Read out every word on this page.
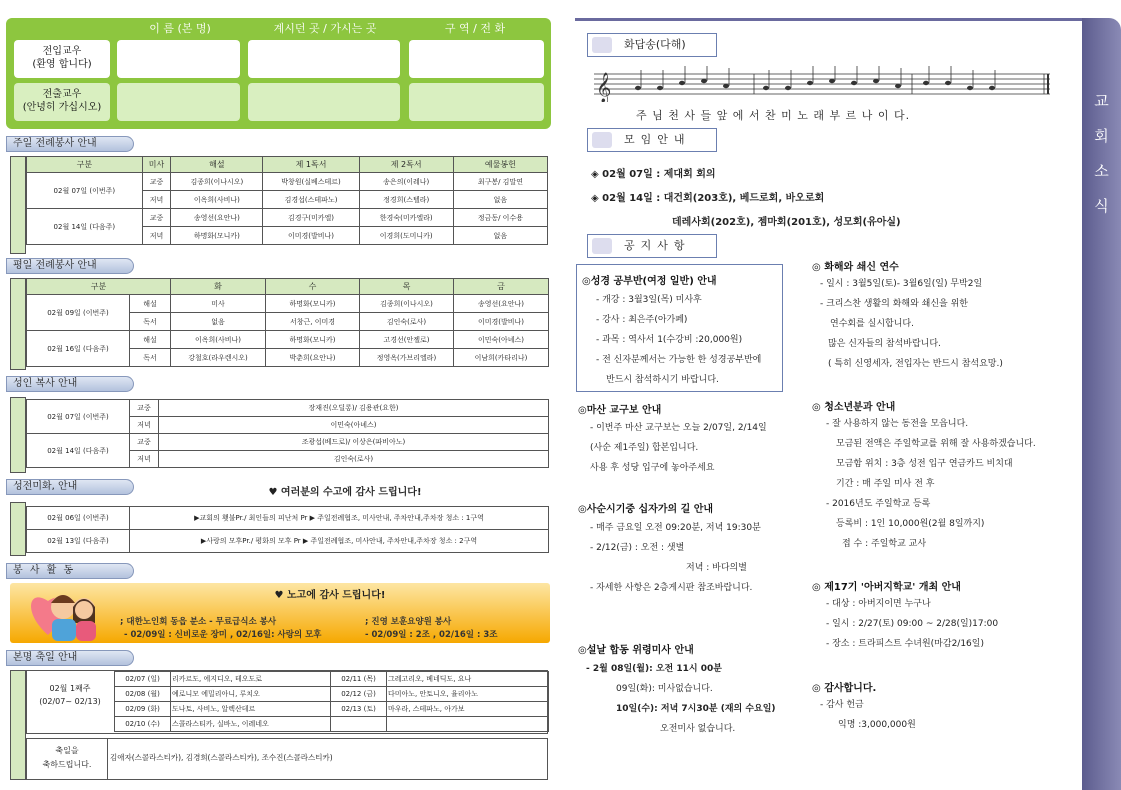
이 름 (본 명)	계시던 곳 / 가시는 곳	구 역 / 전 화
전입교우
(환영 합니다)
전출교우
(안녕히 가십시오)
주일 전례봉사 안내
구분	미사	해설	제 1독서	제 2독서	예물봉헌
02월 07일 (이번주)	교중	김종희(이나시오)	박창원(실베스테르)	송은의(이레나)	최구봉/ 김말연
	저녁	이옥희(사비나)	김경섭(스테파노)	정경희(스텔라)	없음
02월 14일 (다음주)	교중	송영선(요안나)	김경구(미카엘)	한경숙(미카엘라)	정금동/ 이수용
	저녁	하명화(모니카)	이미경(발비나)	이경희(도미니카)	없음
평일 전례봉사 안내
구분		화	수	목	금
02월 09일 (이번주)	해설	미사	하명화(모니카)	김종희(이나시오)	송영선(요안나)
	독서	없음	서창근, 이미경	김인숙(로사)	이미경(발비나)
02월 16일 (다음주)	해설	이옥희(사비나)	하명화(모니카)	고경선(안젤로)	이민숙(아녜스)
	독서	강철호(라우렌시오)	박춘희(요안나)	정영옥(가브리엘라)	이남희(카타리나)
성인 복사 안내
02월 07일 (이번주)	교중	장재진(오딜롱)/ 김용관(요한)
	저녁	이민숙(아녜스)
02월 14일 (다음주)	교중	조광섭(베드로)/ 이상은(파비아노)
	저녁	김인숙(로사)
성전미화, 안내
♥ 여러분의 수고에 감사 드립니다!
02월 06일 (이번주)	▶교회의 횃불Pr./ 최인들의 피난처 Pr ▶ 주일전례협조, 미사안내, 주차안내,주차장 청소 : 1구역
02월 13일 (다음주)	▶사랑의 모후Pr./ 평화의 모후 Pr ▶ 주일전례협조, 미사안내, 주차안내,주차장 청소 : 2구역
봉 사 활 동
♥ 노고에 감사 드립니다!
; 대한노인회 동읍 분소 - 무료급식소 봉사	; 진영 보훈요양원 봉사
- 02/09일 : 신비로운 장미 , 02/16일: 사랑의 모후	- 02/09일 : 2조 , 02/16일 : 3조
본명 축일 안내
02월 1째주
(02/07~ 02/13)
02/07 (일)	리카르도, 에지디오, 테오도로	02/11 (목)	그레고리오, 베네딕도, 요나
02/08 (월)	예로니모 에밀리아니, 루치오	02/12 (금)	다미아노, 안토니오, 율리아노
02/09 (화)	도나토, 사비노, 알렉산데르	02/13 (토)	마우라, 스테파노, 아가보
02/10 (수)	스콜라스티카, 실바노, 이레네오		
축일을
축하드립니다.
김애자(스콜라스티카), 김경희(스콜라스티카), 조수진(스콜라스티카)
교
회
소
식
화답송(다해)
𝄞
주 님 천 사 들 앞 에 서 찬 미 노 래 부 르 나 이 다.
모임안내
◈ 02월 07일 : 제대회 회의
◈ 02월 14일 : 대건회(203호), 베드로회, 바오로회
데레사회(202호), 젬마회(201호), 성모회(유아실)
공지사항
◎성경 공부반(여정 일반) 안내
- 개강 : 3월3일(목) 미사후
- 강사 : 최은주(아가페)
- 과목 : 역사서 1(수강비 :20,000원)
- 전 신자분께서는 가능한 한 성경공부반에
반드시 참석하시기 바랍니다.
◎마산 교구보 안내
- 이번주 마산 교구보는 오늘 2/07일, 2/14일
(사순 제1주일) 합본입니다.
사용 후 성당 입구에 놓아주세요
◎사순시기중 십자가의 길 안내
- 매주 금요일 오전 09:20분, 저녁 19:30분
- 2/12(금) : 오전 : 샛별
저녁 : 바다의별
- 자세한 사항은 2층게시판 참조바랍니다.
◎설날 합동 위령미사 안내
- 2월 08일(월): 오전 11시 00분
09일(화): 미사없습니다.
10일(수): 저녁 7시30분 (재의 수요일)
오전미사 없습니다.
◎ 화해와 쇄신 연수
- 일시 : 3월5일(토)- 3월6일(일) 무박2일
- 크리스찬 생활의 화해와 쇄신을 위한
연수회를 실시합니다.
많은 신자들의 참석바랍니다.
( 특히 신영세자, 전입자는 반드시 참석요망.)
◎ 청소년분과 안내
- 잘 사용하지 않는 동전을 모읍니다.
모금된 전액은 주일학교를 위해 잘 사용하겠습니다.
모금함 위치 : 3층 성전 입구 연금카드 비치대
기간 : 매 주일 미사 전 후
- 2016년도 주일학교 등록
등록비 : 1인 10,000원(2월 8일까지)
접 수 : 주일학교 교사
◎ 제17기 '아버지학교' 개최 안내
- 대상 : 아버지이면 누구나
- 일시 : 2/27(토) 09:00 ~ 2/28(일)17:00
- 장소 : 트라피스트 수녀원(마감2/16일)
◎ 감사합니다.
- 감사 헌금
익명 :3,000,000원
